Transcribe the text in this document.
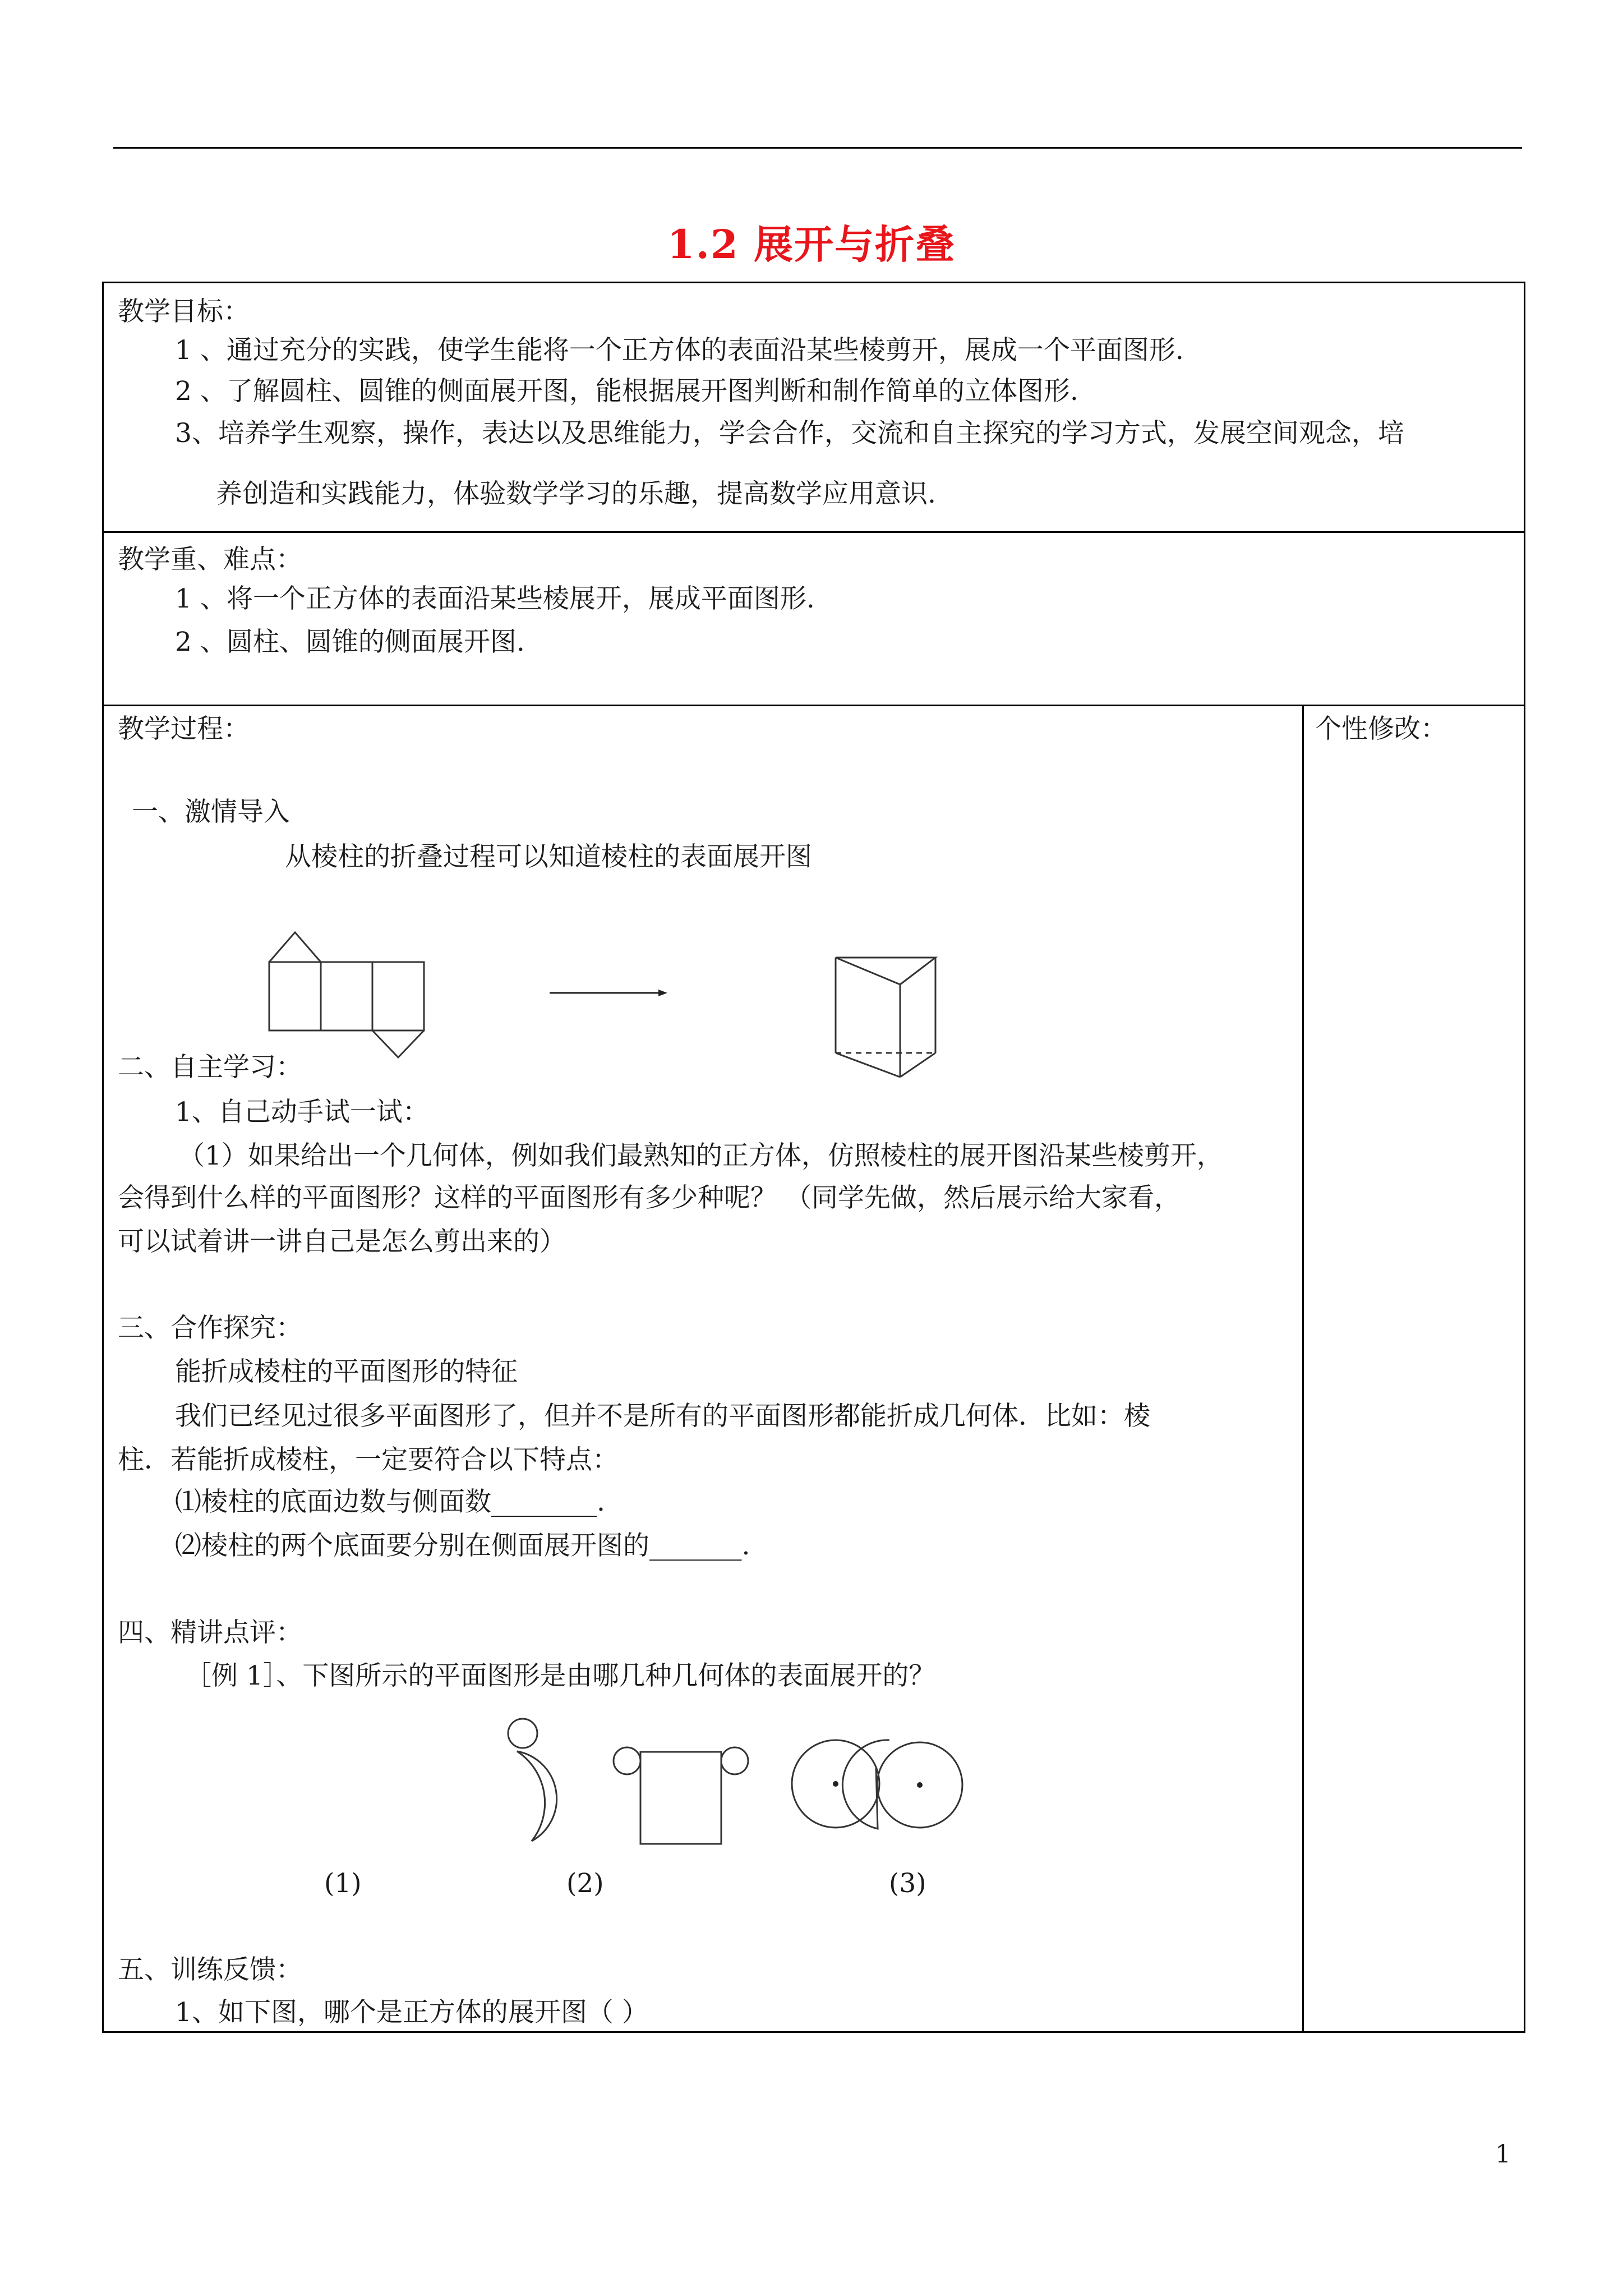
1.2 展开与折叠
教学目标：
1 、通过充分的实践，使学生能将一个正方体的表面沿某些棱剪开，展成一个平面图形.
2 、了解圆柱、圆锥的侧面展开图，能根据展开图判断和制作简单的立体图形.
3、培养学生观察，操作，表达以及思维能力，学会合作，交流和自主探究的学习方式，发展空间观念，培
养创造和实践能力，体验数学学习的乐趣，提高数学应用意识.
教学重、难点：
1 、将一个正方体的表面沿某些棱展开，展成平面图形.
2 、圆柱、圆锥的侧面展开图.
教学过程：	个性修改：
一、激情导入
从棱柱的折叠过程可以知道棱柱的表面展开图
二、自主学习：
1、自己动手试一试：
（1）如果给出一个几何体，例如我们最熟知的正方体，仿照棱柱的展开图沿某些棱剪开，
会得到什么样的平面图形？这样的平面图形有多少种呢？ （同学先做，然后展示给大家看，
可以试着讲一讲自己是怎么剪出来的）
三、合作探究：
能折成棱柱的平面图形的特征
我们已经见过很多平面图形了，但并不是所有的平面图形都能折成几何体．比如：棱
柱．若能折成棱柱，一定要符合以下特点：
⑴棱柱的底面边数与侧面数________.
⑵棱柱的两个底面要分别在侧面展开图的_______.
四、精讲点评：
［例 1］、下图所示的平面图形是由哪几种几何体的表面展开的？
(1)	(2)	(3)
五、训练反馈：
1、如下图，哪个是正方体的展开图（ ）
1
